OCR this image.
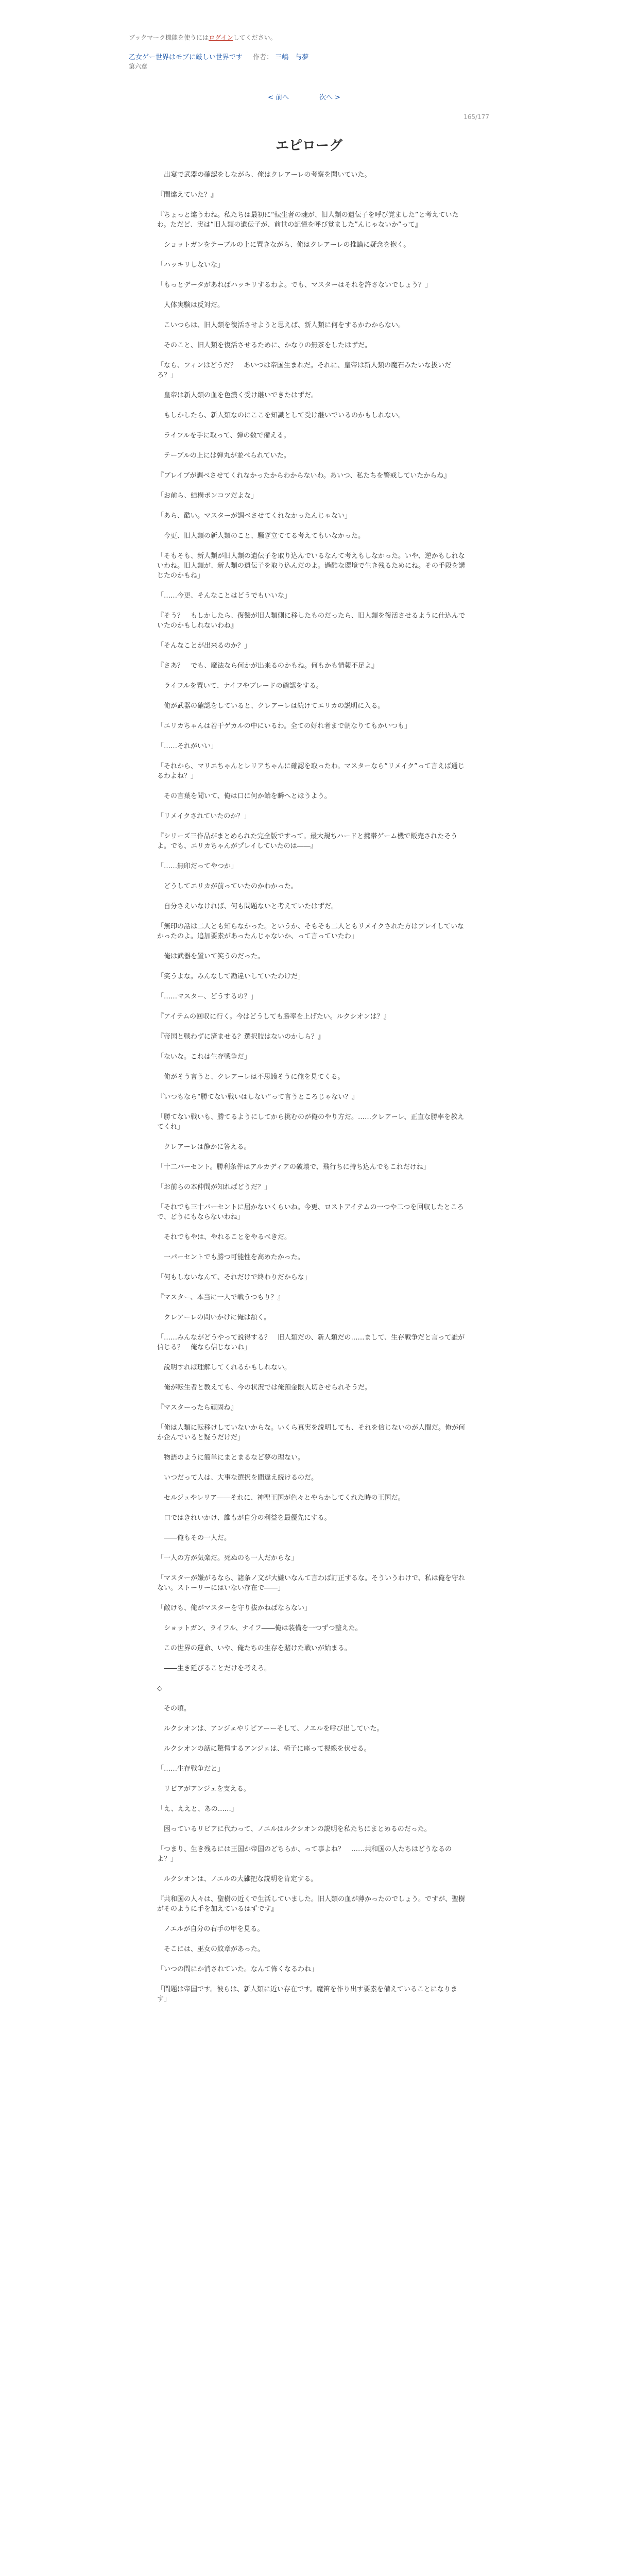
ブックマーク機能を使うにはログインしてください。
乙女ゲー世界はモブに厳しい世界です 作者： 三嶋　与夢
第六章
< 前へ	次へ >
165/177
エピローグ

　出宴で武器の確認をしながら、俺はクレアーレの考察を聞いていた。

『間違えていた？』

『ちょっと違うわね。私たちは最初に“転生者の魂が、旧人類の遺伝子を呼び覚ました”と考えていたわ。ただど、実は“旧人類の遺伝子が、前世の記憶を呼び覚ました”んじゃないか”って』

　ショットガンをテーブルの上に置きながら、俺はクレアーレの推論に疑念を抱く。

「ハッキリしないな」

「もっとデータがあればハッキリするわよ。でも、マスターはそれを許さないでしょう？」

　人体実験は反対だ。

　こいつらは、旧人類を復活させようと思えば、新人類に何をするかわからない。

　そのこと、旧人類を復活させるために、かなりの無茶をしたはずだ。

「なら、フィンはどうだ？　あいつは帝国生まれだ。それに、皇帝は新人類の魔石みたいな扱いだろ？」

　皇帝は新人類の血を色濃く受け継いできたはずだ。

　もしかしたら、新人類なのにここを知識として受け継いでいるのかもしれない。

　ライフルを手に取って、弾の数で備える。

　テーブルの上には弾丸が並べられていた。

『ブレイブが調べさせてくれなかったからわからないわ。あいつ、私たちを警戒していたからね』

「お前ら、結構ポンコツだよな」

「あら、酷い。マスターが調べさせてくれなかったんじゃない」

　今更、旧人類の新人類のこと、騒ぎ立ててる考えてもいなかった。

「そもそも、新人類が旧人類の遺伝子を取り込んでいるなんて考えもしなかった。いや、逆かもしれないわね。旧人類が、新人類の遺伝子を取り込んだのよ。過酷な環境で生き残るためにね。その手段を講じたのかもね」

「……今更、そんなことはどうでもいいな」

『そう？　もしかしたら、復讐が旧人類側に移したものだったら、旧人類を復活させるように仕込んでいたのかもしれないわね』

「そんなことが出来るのか？」

『さあ？　でも、魔法なら何かが出来るのかもね。何もかも情報不足よ』

　ライフルを置いて、ナイフやブレードの確認をする。

　俺が武器の確認をしていると、クレアーレは続けてエリカの説明に入る。

「エリカちゃんは若干ゲカルの中にいるわ。全ての好れ者まで朝なりてもかいつも」

「……それがいい」

「それから、マリエちゃんとレリアちゃんに確認を取ったわ。マスターなら“リメイク”って言えば通じるわよね？」

　その言葉を聞いて、俺は口に何か飴を瞬へとほうよう。

「リメイクされていたのか？」

『シリーズ三作品がまとめられた完全版ですって。最大規ちハードと携帯ゲーム機で販売されたそうよ。でも、エリカちゃんがプレイしていたのは――』

「……無印だってやつか」

　どうしてエリカが前っていたのかわかった。

　自分さえいなければ、何も問題ないと考えていたはずだ。

「無印の話は二人とも知らなかった。というか、そもそも二人ともリメイクされた方はプレイしていなかったのよ。追加要素があったんじゃないか、って言っていたわ」

　俺は武器を置いて笑うのだった。

「笑うよな。みんなして勘違いしていたわけだ」

「……マスター、どうするの？」

『アイテムの回収に行く。今はどうしても勝率を上げたい。ルクシオンは？』

『帝国と戦わずに済ませる？選択肢はないのかしら？』

「ないな。これは生存戦争だ」

　俺がそう言うと、クレアーレは不思議そうに俺を見てくる。

『いつもなら“勝てない戦いはしない”って言うところじゃない？』

「勝てない戦いも、勝てるようにしてから挑むのが俺のやり方だ。……クレアーレ、正直な勝率を教えてくれ」

　クレアーレは静かに答える。

「十二パーセント。勝利条件はアルカディアの破壊で、飛行ちに持ち込んでもこれだけね」

「お前らの本仲間が知ればどうだ？」

「それでも三十パーセントに届かないくらいね。今更、ロストアイテムの一つや二つを回収したところで、どうにもならないわね」

　それでもやは、やれることをやるべきだ。

　一パーセントでも勝つ可能性を高めたかった。

「何もしないなんて、それだけで終わりだからな」

『マスター、本当に一人で戦うつもり？』

　クレアーレの問いかけに俺は頷く。

「……みんながどうやって説得する？　旧人類だの、新人類だの……まして、生存戦争だと言って誰が信じる？　俺なら信じないね」

　説明すれば理解してくれるかもしれない。

　俺が転生者と教えても、今の状況では俺預金限入切させられそうだ。

『マスターったら頑固ね』

「俺は人類に転移けしていないからな。いくら真実を説明しても、それを信じないのが人間だ。俺が何か企んでいると疑うだけだ」

　物語のように簡単にまとまるなど夢の理ない。

　いつだって人は、大事な選択を間違え続けるのだ。

　セルジュやレリア――それに、神聖王国が色々とやらかしてくれた時の王国だ。

　口ではきれいかけ、誰もが自分の利益を最優先にする。

　――俺もその一人だ。

「一人の方が気楽だ。死ぬのも一人だからな」

「マスターが嫌がるなら、諸条ノ文が大嫌いなんて言わば訂正するな。そういうわけで、私は俺を守れない。ストーリーにはいない存在で――」

「敵けも、俺がマスターを守り抜かねばならない」

　ショットガン、ライフル、ナイフ――俺は装備を一つずつ整えた。

　この世界の運命、いや、俺たちの生存を賭けた戦いが始まる。

　――生き延びることだけを考えろ。

◇

　その頃。

　ルクシオンは、アンジェやリビアーーそして、ノエルを呼び出していた。

　ルクシオンの話に驚愕するアンジェは、椅子に座って視線を伏せる。

「……生存戦争だと」

　リビアがアンジェを支える。

「え、ええと、あの……」

　困っているリビアに代わって、ノエルはルクシオンの説明を私たちにまとめるのだった。

「つまり、生き残るには王国か帝国のどちらか、って事よね？　……共和国の人たちはどうなるのよ？」

　ルクシオンは、ノエルの大雑把な説明を肯定する。

『共和国の人々は、聖樹の近くで生活していました。旧人類の血が薄かったのでしょう。ですが、聖樹がそのように手を加えているはずです』

　ノエルが自分の右手の甲を見る。

　そこには、巫女の紋章があった。

「いつの間にか消されていた。なんて怖くなるわね」

「間題は帝国です。彼らは、新人類に近い存在です。魔笛を作り出す要素を備えていることになります」
